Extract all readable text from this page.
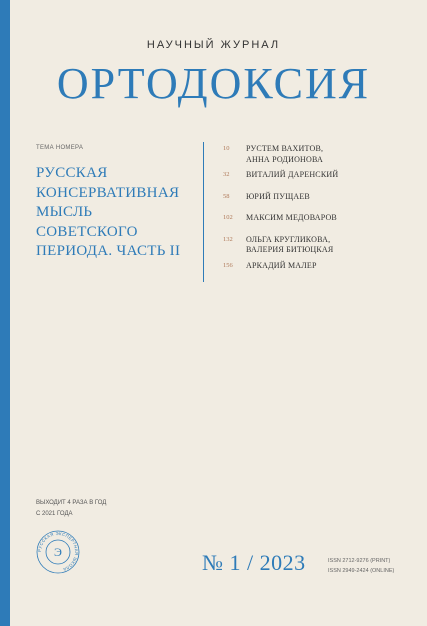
НАУЧНЫЙ ЖУРНАЛ
ОРТОДОКСИЯ
ТЕМА НОМЕРА
РУССКАЯ КОНСЕРВАТИВНАЯ МЫСЛЬ СОВЕТСКОГО ПЕРИОДА. ЧАСТЬ II
10	РУСТЕМ ВАХИТОВ,
АННА РОДИОНОВА
32	ВИТАЛИЙ ДАРЕНСКИЙ
58	ЮРИЙ ПУЩАЕВ
102	МАКСИМ МЕДОВАРОВ
132	ОЛЬГА КРУГЛИКОВА,
ВАЛЕРИЯ БИТЮЦКАЯ
156	АРКАДИЙ МАЛЕР
ВЫХОДИТ 4 РАЗА В ГОД
С 2021 ГОДА
РУССКАЯ ЭКСПЕРТНАЯ ШКОЛА
Э	№ 1 / 2023	ISSN 2712-9276 (PRINT)
ISSN 2949-2424 (ONLINE)
